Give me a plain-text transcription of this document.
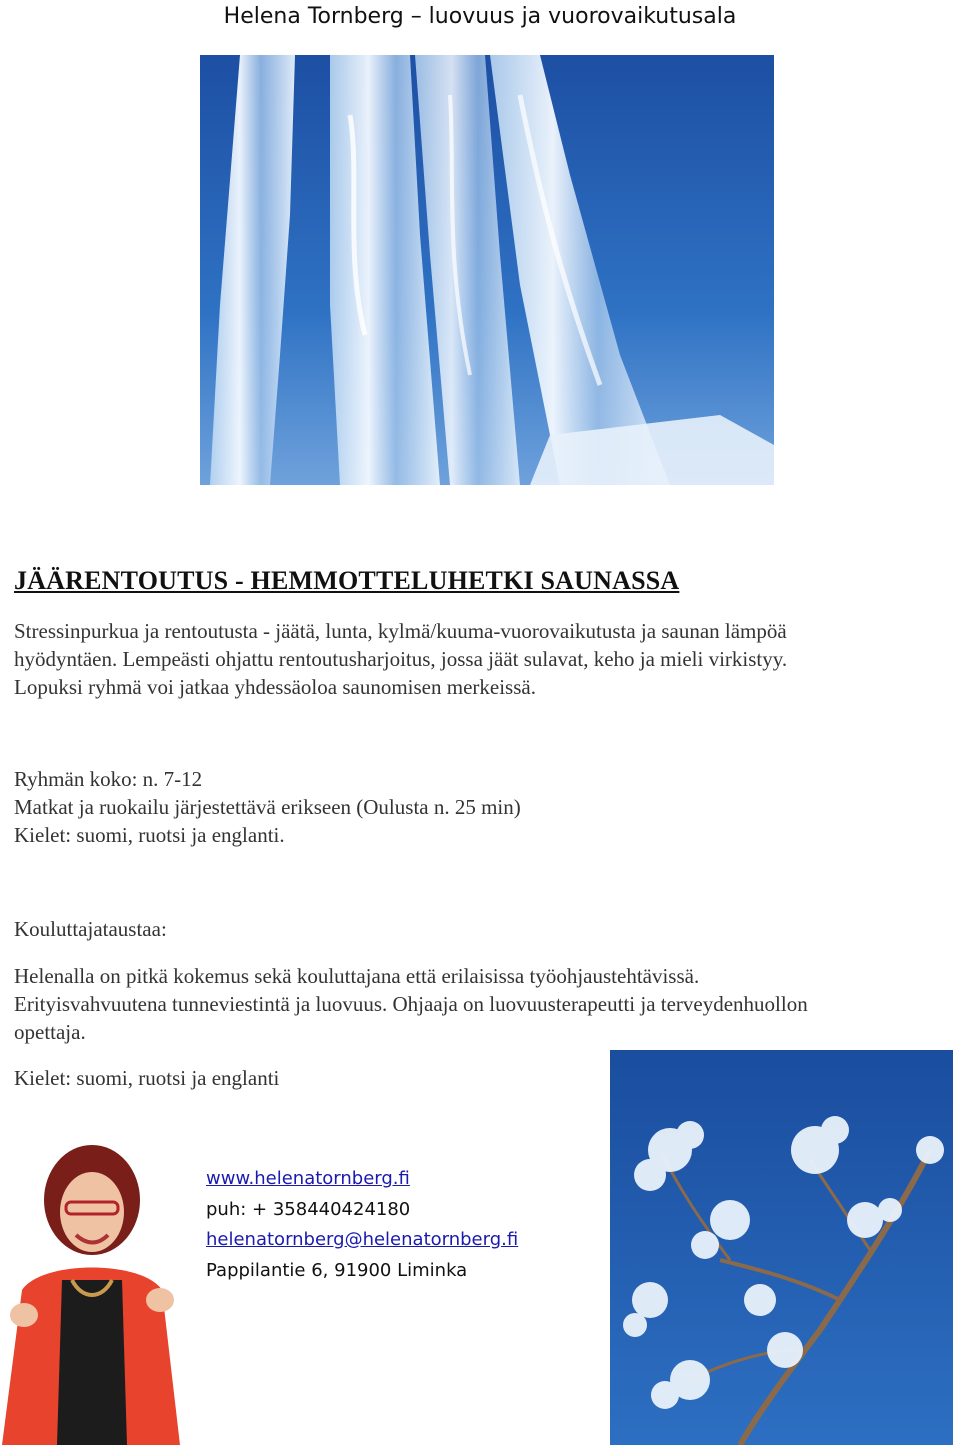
Helena Tornberg – luovuus ja vuorovaikutusala
JÄÄRENTOUTUS - HEMMOTTELUHETKI SAUNASSA
Stressinpurkua ja rentoutusta - jäätä, lunta, kylmä/kuuma-vuorovaikutusta ja saunan lämpöä
hyödyntäen. Lempeästi ohjattu rentoutusharjoitus, jossa jäät sulavat, keho ja mieli virkistyy.
Lopuksi ryhmä voi jatkaa yhdessäoloa saunomisen merkeissä.
Ryhmän koko: n. 7-12
Matkat ja ruokailu järjestettävä erikseen (Oulusta n. 25 min)
Kielet: suomi, ruotsi ja englanti.
Kouluttajataustaa:
Helenalla on pitkä kokemus sekä kouluttajana että erilaisissa työohjaustehtävissä.
Erityisvahvuutena tunneviestintä ja luovuus. Ohjaaja on luovuusterapeutti ja terveydenhuollon
opettaja.
Kielet: suomi, ruotsi ja englanti
www.helenatornberg.fi
puh: + 358440424180
helenatornberg@helenatornberg.fi
Pappilantie 6, 91900 Liminka
